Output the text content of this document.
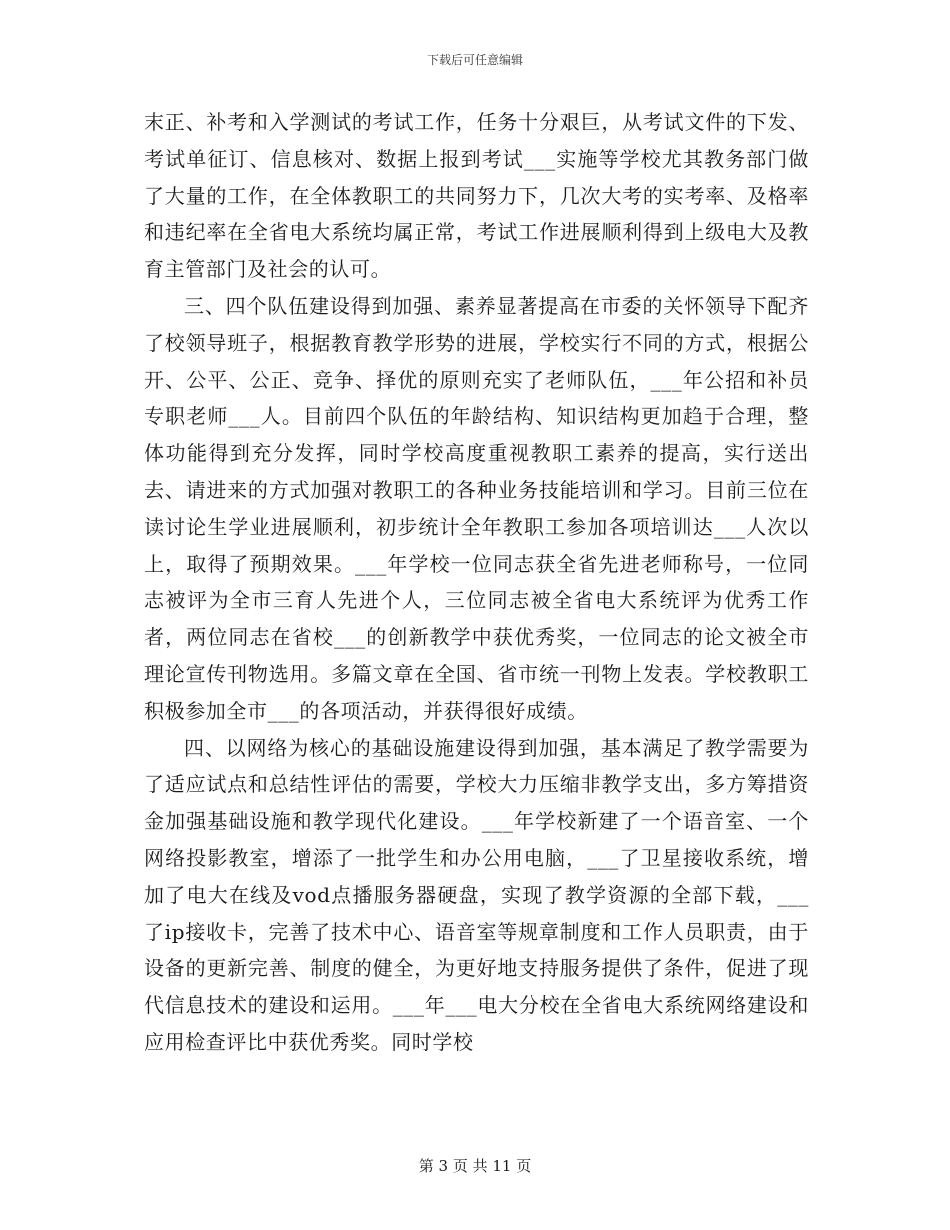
下载后可任意编辑

末正、补考和入学测试的考试工作，任务十分艰巨，从考试文件的下发、考试单征订、信息核对、数据上报到考试___实施等学校尤其教务部门做了大量的工作，在全体教职工的共同努力下，几次大考的实考率、及格率和违纪率在全省电大系统均属正常，考试工作进展顺利得到上级电大及教育主管部门及社会的认可。

三、四个队伍建设得到加强、素养显著提高在市委的关怀领导下配齐了校领导班子，根据教育教学形势的进展，学校实行不同的方式，根据公开、公平、公正、竞争、择优的原则充实了老师队伍，___年公招和补员专职老师___人。目前四个队伍的年龄结构、知识结构更加趋于合理，整体功能得到充分发挥，同时学校高度重视教职工素养的提高，实行送出去、请进来的方式加强对教职工的各种业务技能培训和学习。目前三位在读讨论生学业进展顺利，初步统计全年教职工参加各项培训达___人次以上，取得了预期效果。___年学校一位同志获全省先进老师称号，一位同志被评为全市三育人先进个人，三位同志被全省电大系统评为优秀工作者，两位同志在省校___的创新教学中获优秀奖，一位同志的论文被全市理论宣传刊物选用。多篇文章在全国、省市统一刊物上发表。学校教职工积极参加全市___的各项活动，并获得很好成绩。

四、以网络为核心的基础设施建设得到加强，基本满足了教学需要为了适应试点和总结性评估的需要，学校大力压缩非教学支出，多方筹措资金加强基础设施和教学现代化建设。___年学校新建了一个语音室、一个网络投影教室，增添了一批学生和办公用电脑，___了卫星接收系统，增加了电大在线及vod点播服务器硬盘，实现了教学资源的全部下载，___了ip接收卡，完善了技术中心、语音室等规章制度和工作人员职责，由于设备的更新完善、制度的健全，为更好地支持服务提供了条件，促进了现代信息技术的建设和运用。___年___电大分校在全省电大系统网络建设和应用检查评比中获优秀奖。同时学校

第 3 页 共 11 页
